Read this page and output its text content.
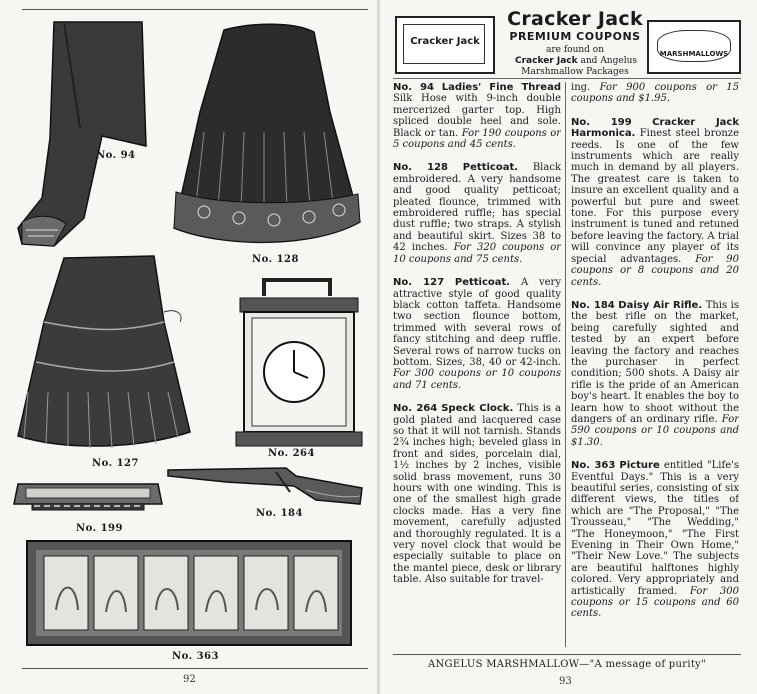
No. 94
No. 128
No. 127
No. 264
No. 199
No. 184
No. 363
92
Cracker Jack
Cracker Jack
PREMIUM COUPONS
are found on
Cracker Jack and Angelus
Marshmallow Packages
MARSHMALLOWS

No. 94 Ladies' Fine Thread Silk Hose with 9-inch double mercerized garter top. High spliced double heel and sole. Black or tan. For 190 coupons or 5 coupons and 45 cents.

No. 128 Petticoat. Black embroidered. A very handsome and good quality petticoat; pleated flounce, trimmed with embroidered ruffle; has special dust ruffle; two straps. A stylish and beautiful skirt. Sizes 38 to 42 inches. For 320 coupons or 10 coupons and 75 cents.

No. 127 Petticoat. A very attractive style of good quality black cotton taffeta. Handsome two section flounce bottom, trimmed with several rows of fancy stitching and deep ruffle. Several rows of narrow tucks on bottom. Sizes, 38, 40 or 42-inch. For 300 coupons or 10 coupons and 71 cents.

No. 264 Speck Clock. This is a gold plated and lacquered case so that it will not tarnish. Stands 2¾ inches high; beveled glass in front and sides, porcelain dial, 1½ inches by 2 inches, visible solid brass movement, runs 30 hours with one winding. This is one of the smallest high grade clocks made. Has a very fine movement, carefully adjusted and thoroughly regulated. It is a very novel clock that would be especially suitable to place on the mantel piece, desk or library table. Also suitable for travel-

ing. For 900 coupons or 15 coupons and $1.95.

No. 199 Cracker Jack Harmonica. Finest steel bronze reeds. Is one of the few instruments which are really much in demand by all players. The greatest care is taken to insure an excellent quality and a powerful but pure and sweet tone. For this purpose every instrument is tuned and retuned before leaving the factory. A trial will convince any player of its special advantages. For 90 coupons or 8 coupons and 20 cents.

No. 184 Daisy Air Rifle. This is the best rifle on the market, being carefully sighted and tested by an expert before leaving the factory and reaches the purchaser in perfect condition; 500 shots. A Daisy air rifle is the pride of an American boy's heart. It enables the boy to learn how to shoot without the dangers of an ordinary rifle. For 590 coupons or 10 coupons and $1.30.

No. 363 Picture entitled "Life's Eventful Days." This is a very beautiful series, consisting of six different views, the titles of which are "The Proposal," "The Trousseau," "The Wedding," "The Honeymoon," "The First Evening in Their Own Home," "Their New Love." The subjects are beautiful halftones highly colored. Very appropriately and artistically framed. For 300 coupons or 15 coupons and 60 cents.

ANGELUS MARSHMALLOW—"A message of purity"
93
